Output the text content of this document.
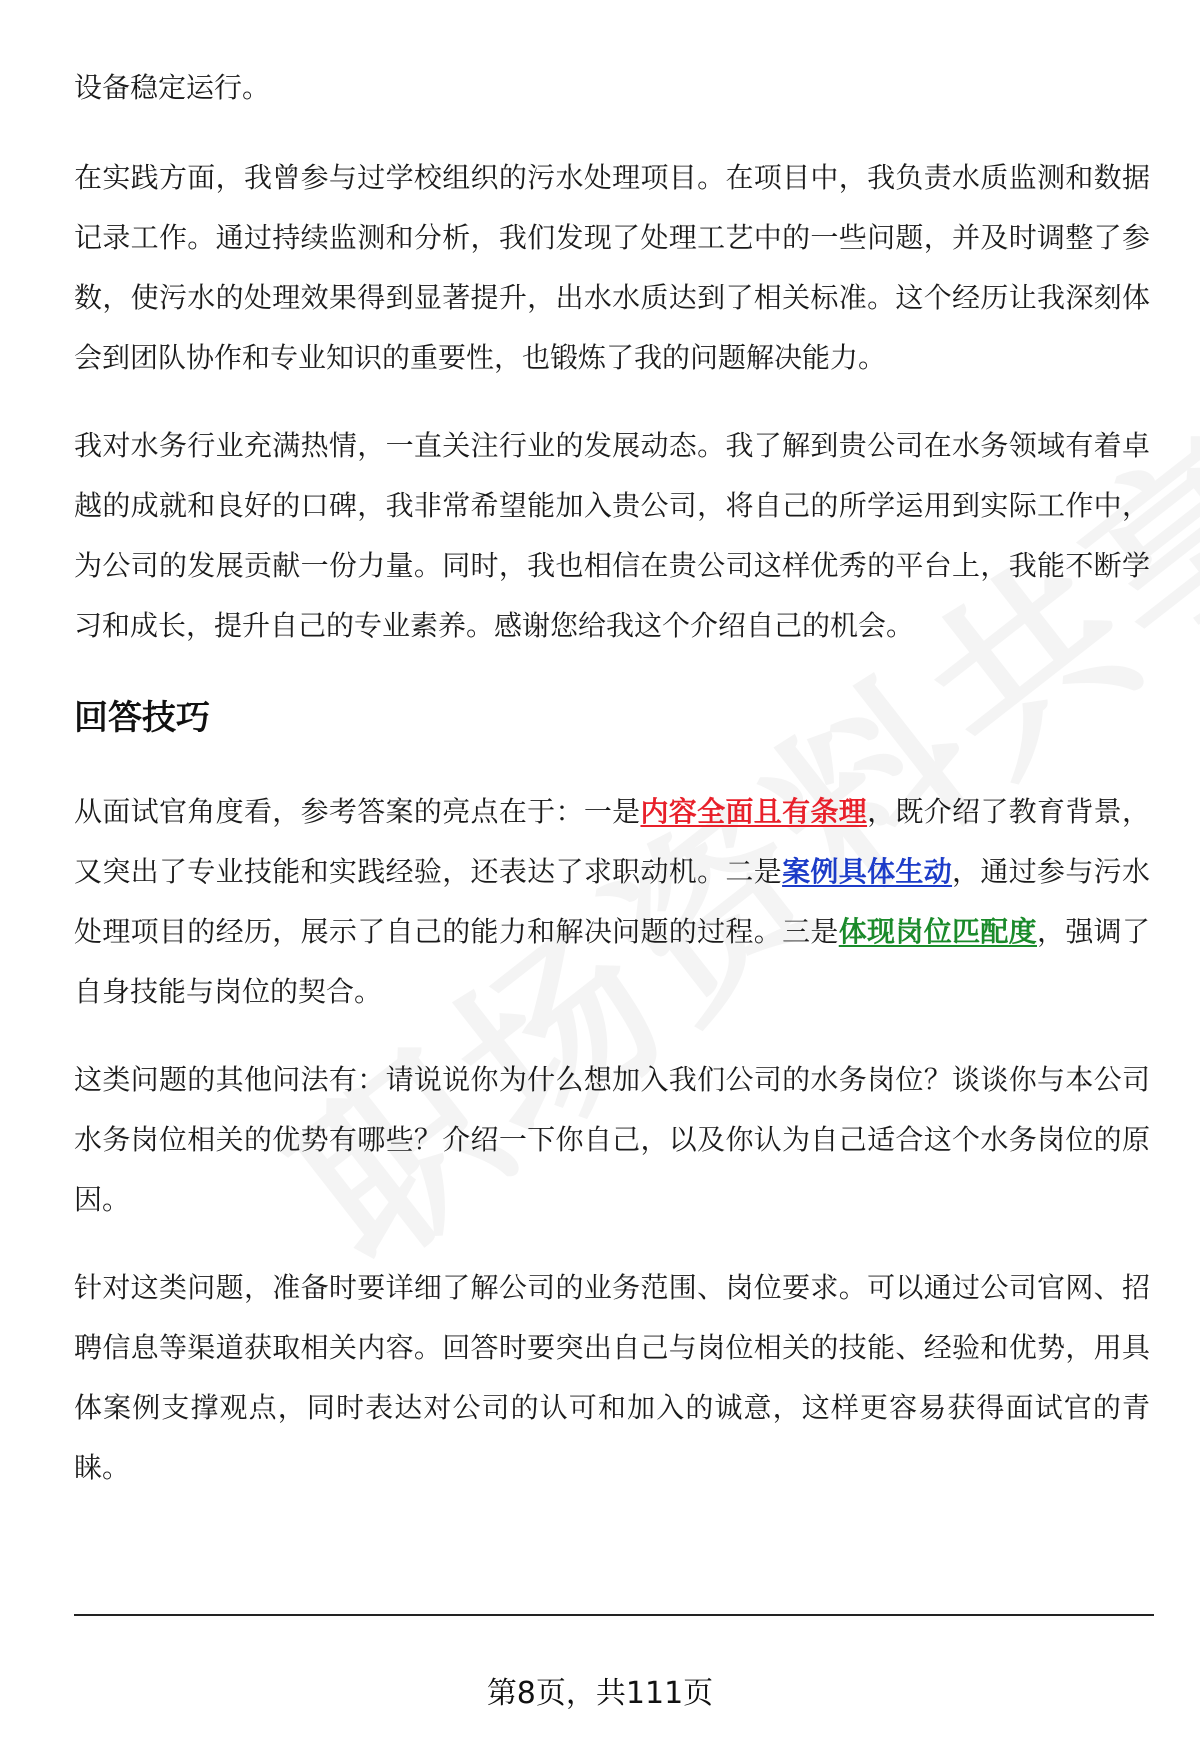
设备稳定运行。

在实践方面，我曾参与过学校组织的污水处理项目。在项目中，我负责水质监测和数据记录工作。通过持续监测和分析，我们发现了处理工艺中的一些问题，并及时调整了参数，使污水的处理效果得到显著提升，出水水质达到了相关标准。这个经历让我深刻体会到团队协作和专业知识的重要性，也锻炼了我的问题解决能力。

我对水务行业充满热情，一直关注行业的发展动态。我了解到贵公司在水务领域有着卓越的成就和良好的口碑，我非常希望能加入贵公司，将自己的所学运用到实际工作中，为公司的发展贡献一份力量。同时，我也相信在贵公司这样优秀的平台上，我能不断学习和成长，提升自己的专业素养。感谢您给我这个介绍自己的机会。

回答技巧

从面试官角度看，参考答案的亮点在于：一是内容全面且有条理，既介绍了教育背景，又突出了专业技能和实践经验，还表达了求职动机。二是案例具体生动，通过参与污水处理项目的经历，展示了自己的能力和解决问题的过程。三是体现岗位匹配度，强调了自身技能与岗位的契合。

这类问题的其他问法有：请说说你为什么想加入我们公司的水务岗位？谈谈你与本公司水务岗位相关的优势有哪些？介绍一下你自己，以及你认为自己适合这个水务岗位的原因。

针对这类问题，准备时要详细了解公司的业务范围、岗位要求。可以通过公司官网、招聘信息等渠道获取相关内容。回答时要突出自己与岗位相关的技能、经验和优势，用具体案例支撑观点，同时表达对公司的认可和加入的诚意，这样更容易获得面试官的青睐。

第8页，共111页
